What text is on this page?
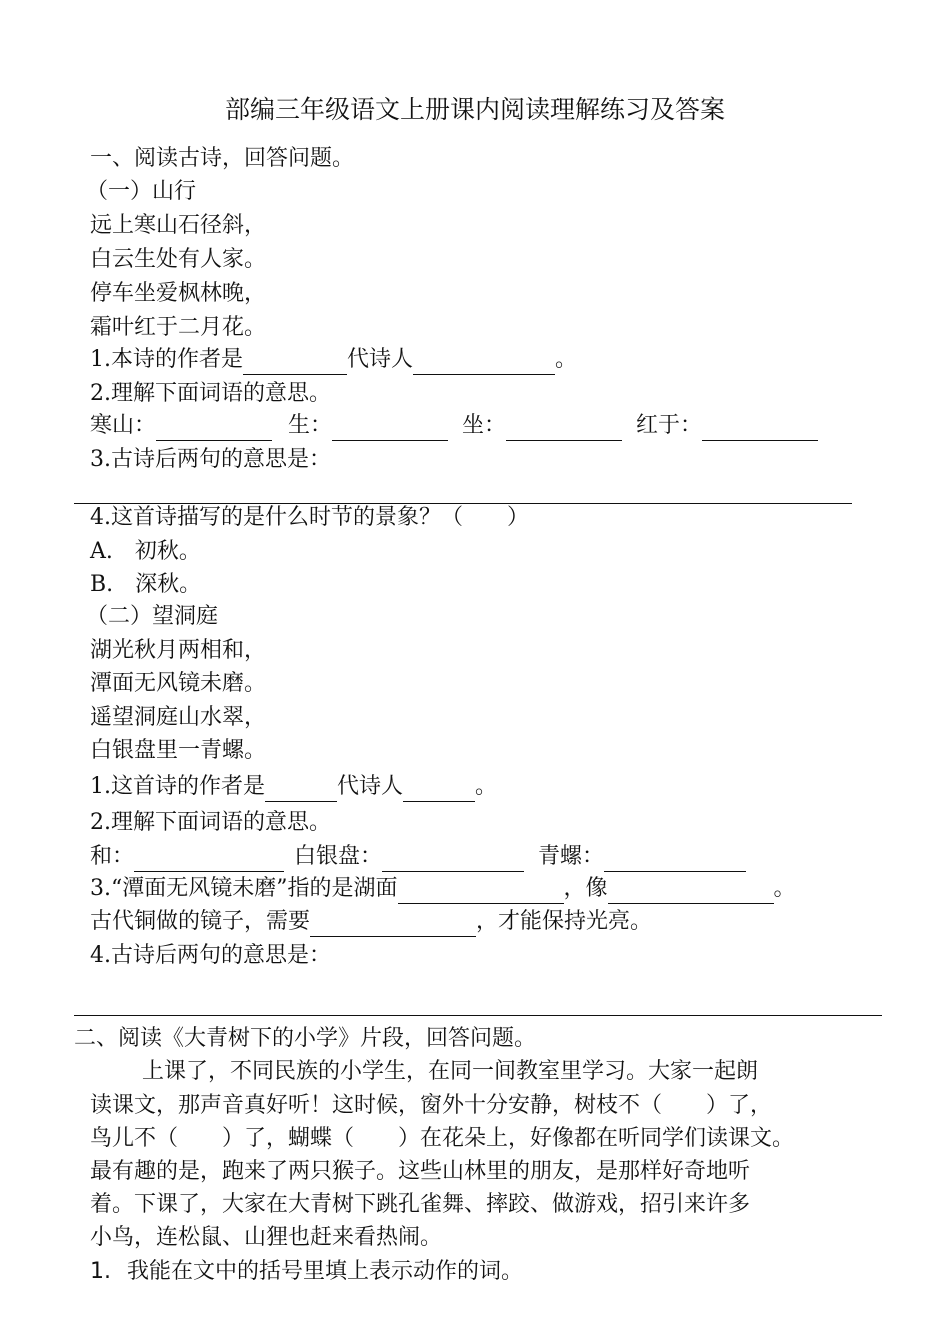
部编三年级语文上册课内阅读理解练习及答案
一、阅读古诗，回答问题。
（一）山行
远上寒山石径斜，
白云生处有人家。
停车坐爱枫林晚，
霜叶红于二月花。
1.本诗的作者是	代诗人	。
2.理解下面词语的意思。
寒山：	生：	坐：	红于：
3.古诗后两句的意思是：
4.这首诗描写的是什么时节的景象？（　　）
A.　初秋。
B.　深秋。
（二）望洞庭
湖光秋月两相和，
潭面无风镜未磨。
遥望洞庭山水翠，
白银盘里一青螺。
1.这首诗的作者是	代诗人	。
2.理解下面词语的意思。
和：	白银盘：	青螺：
3.“潭面无风镜未磨”指的是湖面	，像	。
古代铜做的镜子，需要	，才能保持光亮。
4.古诗后两句的意思是：
二、阅读《大青树下的小学》片段，回答问题。
上课了，不同民族的小学生，在同一间教室里学习。大家一起朗
读课文，那声音真好听！这时候，窗外十分安静，树枝不（　　）了，
鸟儿不（　　）了，蝴蝶（　　）在花朵上，好像都在听同学们读课文。
最有趣的是，跑来了两只猴子。这些山林里的朋友，是那样好奇地听
着。下课了，大家在大青树下跳孔雀舞、摔跤、做游戏，招引来许多
小鸟，连松鼠、山狸也赶来看热闹。
1. 我能在文中的括号里填上表示动作的词。
